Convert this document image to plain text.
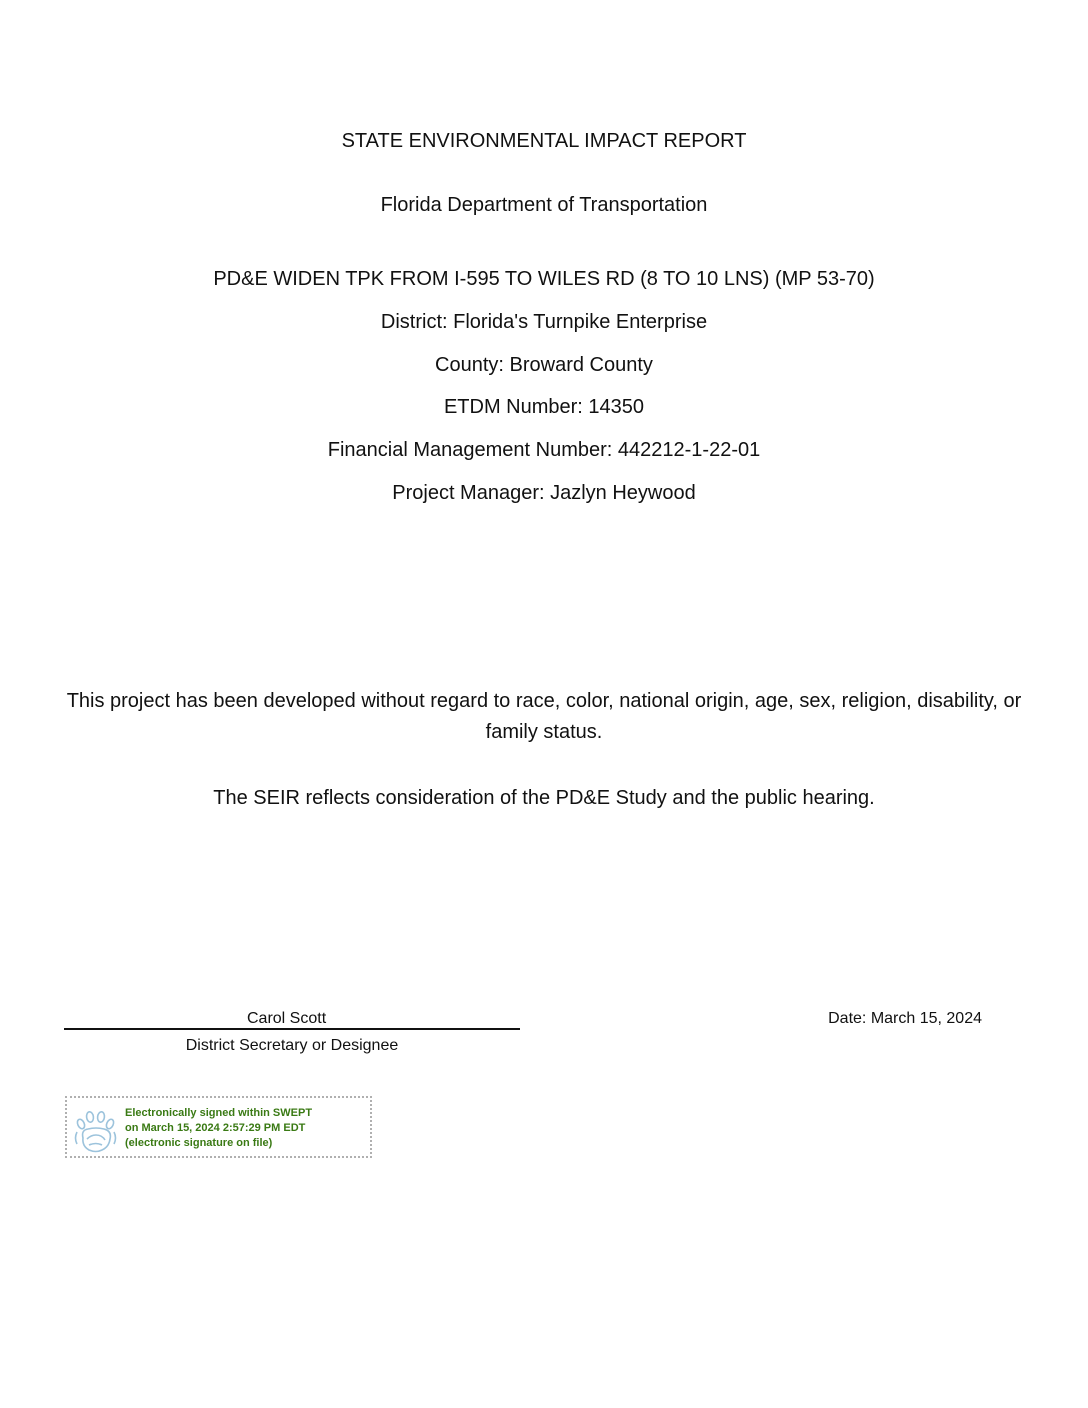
STATE ENVIRONMENTAL IMPACT REPORT
Florida Department of Transportation
PD&E WIDEN TPK FROM I-595 TO WILES RD (8 TO 10 LNS) (MP 53-70)
District: Florida's Turnpike Enterprise
County: Broward County
ETDM Number: 14350
Financial Management Number: 442212-1-22-01
Project Manager: Jazlyn Heywood
This project has been developed without regard to race, color, national origin, age, sex, religion, disability, or family status.
The SEIR reflects consideration of the PD&E Study and the public hearing.
Carol Scott
District Secretary or Designee
Date: March 15, 2024
Electronically signed within SWEPT
on March 15, 2024 2:57:29 PM EDT
(electronic signature on file)
